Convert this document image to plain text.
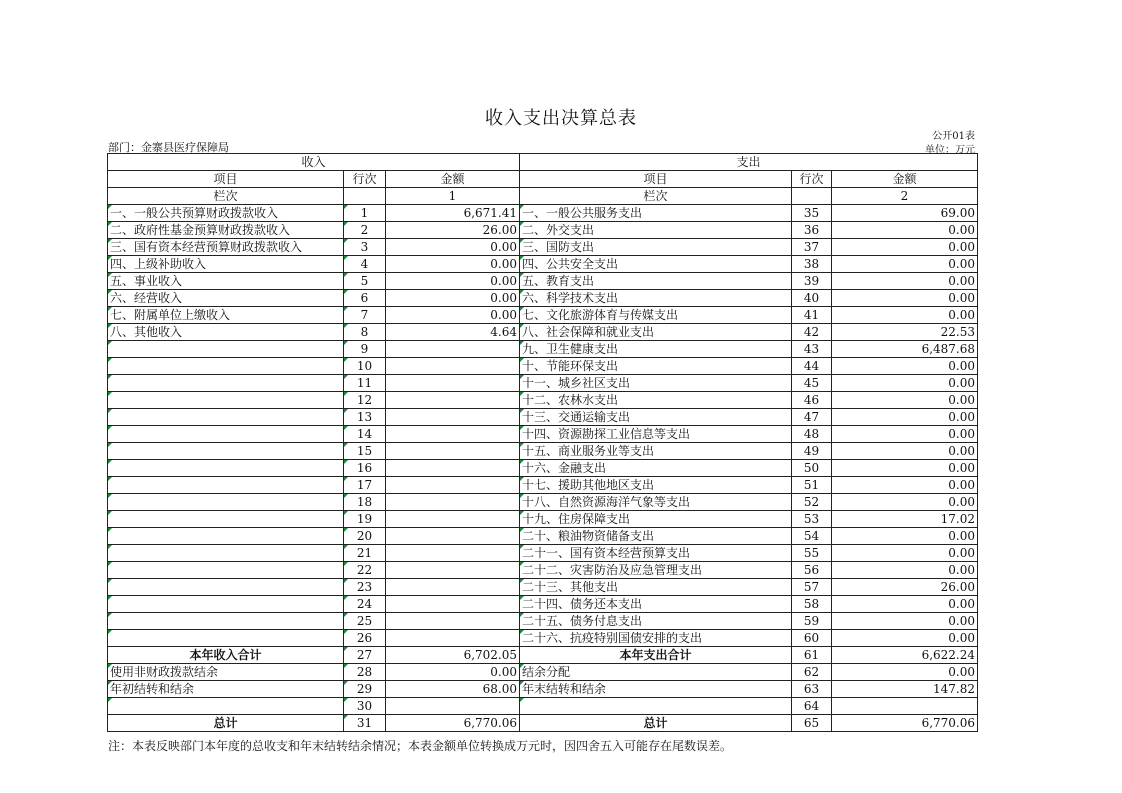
收入支出决算总表
公开01表
部门：金寨县医疗保障局	单位：万元
收入			支出		
项目	行次	金额	项目	行次	金额
栏次		1	栏次		2
一、一般公共预算财政拨款收入	1	6,671.41	一、一般公共服务支出	35	69.00
二、政府性基金预算财政拨款收入	2	26.00	二、外交支出	36	0.00
三、国有资本经营预算财政拨款收入	3	0.00	三、国防支出	37	0.00
四、上级补助收入	4	0.00	四、公共安全支出	38	0.00
五、事业收入	5	0.00	五、教育支出	39	0.00
六、经营收入	6	0.00	六、科学技术支出	40	0.00
七、附属单位上缴收入	7	0.00	七、文化旅游体育与传媒支出	41	0.00
八、其他收入	8	4.64	八、社会保障和就业支出	42	22.53
	9		九、卫生健康支出	43	6,487.68
	10		十、节能环保支出	44	0.00
	11		十一、城乡社区支出	45	0.00
	12		十二、农林水支出	46	0.00
	13		十三、交通运输支出	47	0.00
	14		十四、资源勘探工业信息等支出	48	0.00
	15		十五、商业服务业等支出	49	0.00
	16		十六、金融支出	50	0.00
	17		十七、援助其他地区支出	51	0.00
	18		十八、自然资源海洋气象等支出	52	0.00
	19		十九、住房保障支出	53	17.02
	20		二十、粮油物资储备支出	54	0.00
	21		二十一、国有资本经营预算支出	55	0.00
	22		二十二、灾害防治及应急管理支出	56	0.00
	23		二十三、其他支出	57	26.00
	24		二十四、债务还本支出	58	0.00
	25		二十五、债务付息支出	59	0.00
	26		二十六、抗疫特别国债安排的支出	60	0.00
本年收入合计	27	6,702.05	本年支出合计	61	6,622.24
使用非财政拨款结余	28	0.00	结余分配	62	0.00
年初结转和结余	29	68.00	年末结转和结余	63	147.82
	30			64	
总计	31	6,770.06	总计	65	6,770.06
注：本表反映部门本年度的总收支和年末结转结余情况；本表金额单位转换成万元时，因四舍五入可能存在尾数误差。
